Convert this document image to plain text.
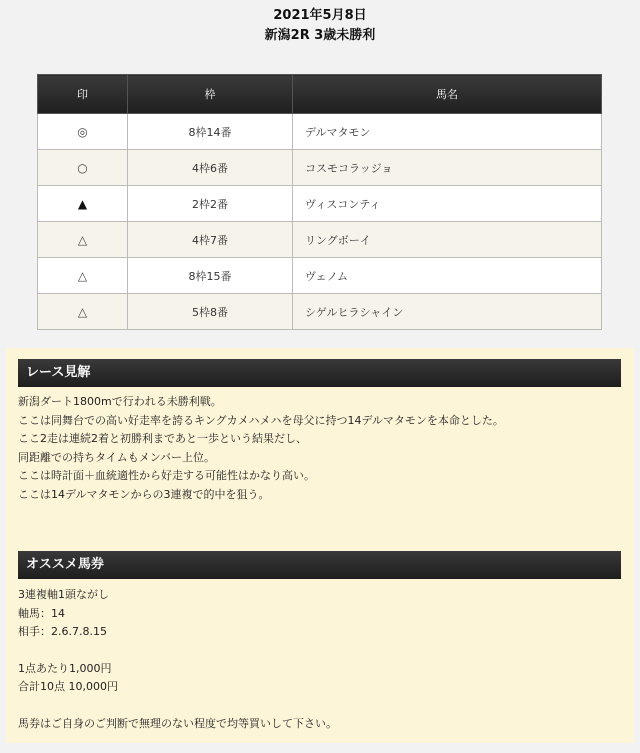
2021年5月8日
新潟2R 3歳未勝利
印	枠	馬名
◎	8枠14番	デルマタモン
○	4枠6番	コスモコラッジョ
▲	2枠2番	ヴィスコンティ
△	4枠7番	リングボーイ
△	8枠15番	ヴェノム
△	5枠8番	シゲルヒラシャイン
レース見解

新潟ダート1800mで行われる未勝利戦。

ここは同舞台での高い好走率を誇るキングカメハメハを母父に持つ14デルマタモンを本命とした。

ここ2走は連続2着と初勝利まであと一歩という結果だし、

同距離での持ちタイムもメンバー上位。

ここは時計面＋血統適性から好走する可能性はかなり高い。

ここは14デルマタモンからの3連複で的中を狙う。

オススメ馬券

3連複軸1頭ながし

軸馬：14

相手：2.6.7.8.15

1点あたり1,000円

合計10点 10,000円

馬券はご自身のご判断で無理のない程度で均等買いして下さい。
